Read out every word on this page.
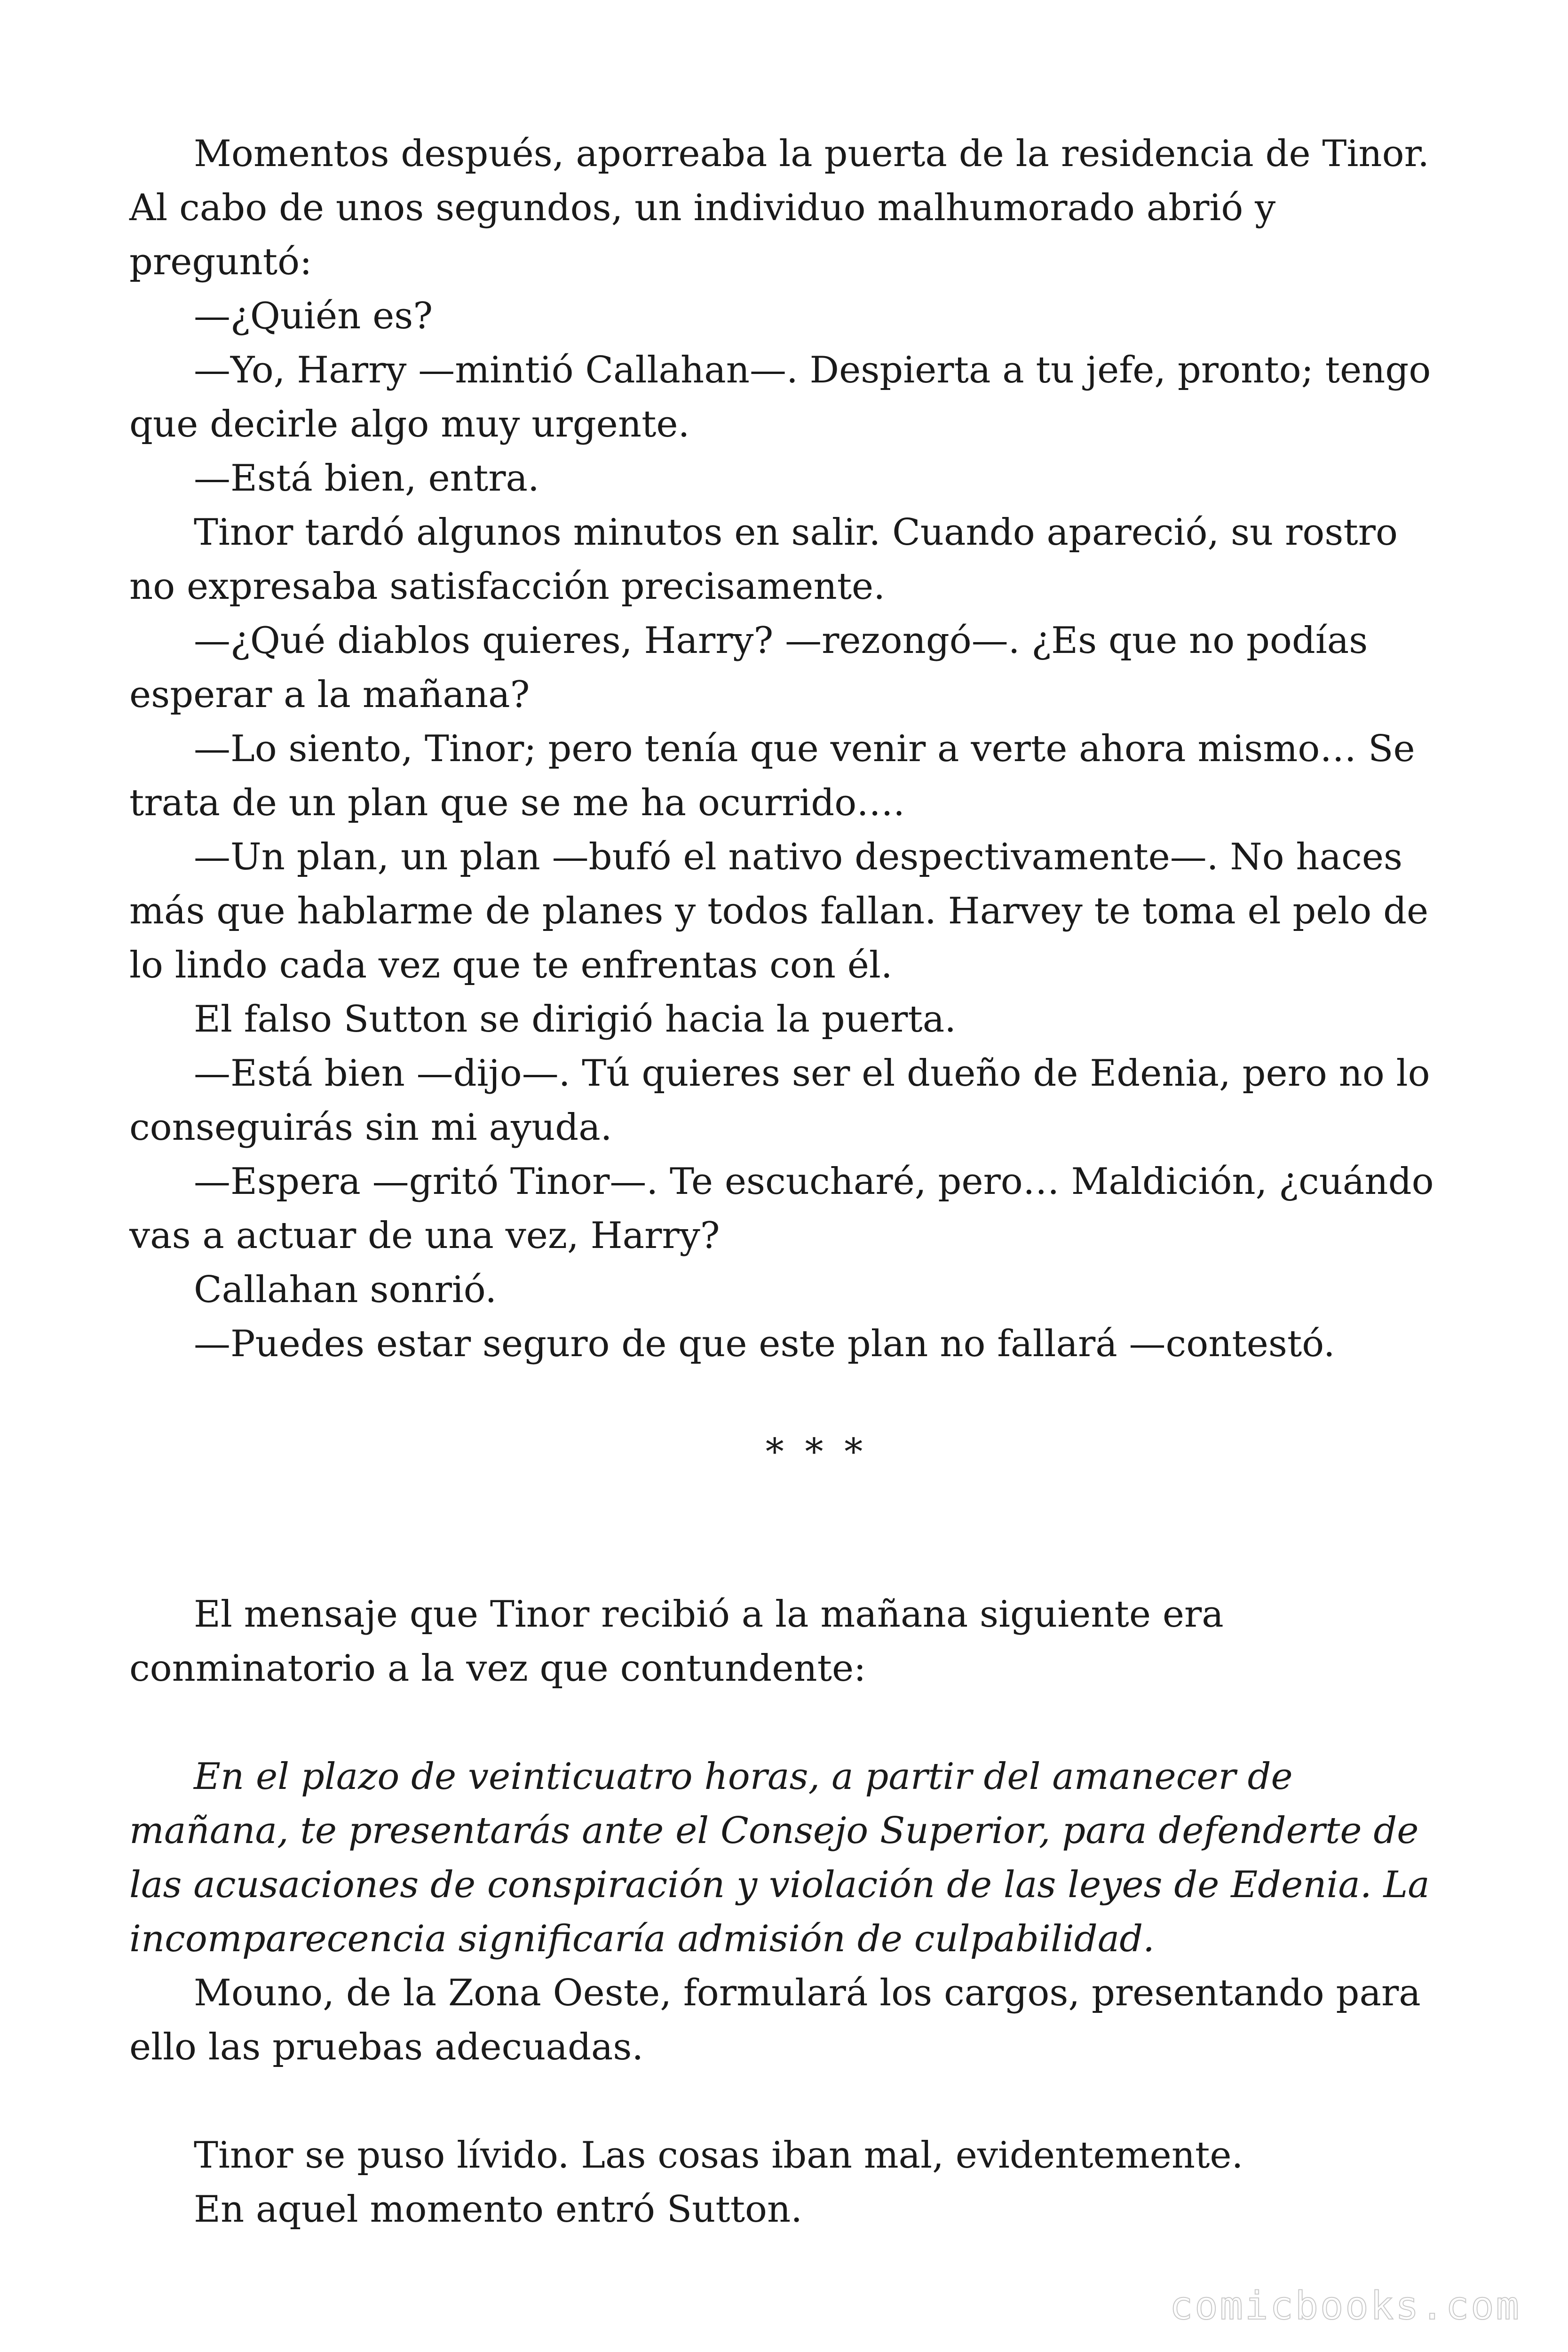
Momentos después, aporreaba la puerta de la residencia de Tinor. Al cabo de unos segundos, un individuo malhumorado abrió y preguntó:

—¿Quién es?

—Yo, Harry —mintió Callahan—. Despierta a tu jefe, pronto; tengo que decirle algo muy urgente.

—Está bien, entra.

Tinor tardó algunos minutos en salir. Cuando apareció, su rostro no expresaba satisfacción precisamente.

—¿Qué diablos quieres, Harry? —rezongó—. ¿Es que no podías esperar a la mañana?

—Lo siento, Tinor; pero tenía que venir a verte ahora mismo… Se trata de un plan que se me ha ocurrido….

—Un plan, un plan —bufó el nativo despectivamente—. No haces más que hablarme de planes y todos fallan. Harvey te toma el pelo de lo lindo cada vez que te enfrentas con él.

El falso Sutton se dirigió hacia la puerta.

—Está bien —dijo—. Tú quieres ser el dueño de Edenia, pero no lo conseguirás sin mi ayuda.

—Espera —gritó Tinor—. Te escucharé, pero… Maldición, ¿cuándo vas a actuar de una vez, Harry?

Callahan sonrió.

—Puedes estar seguro de que este plan no fallará —contestó.

* * *

El mensaje que Tinor recibió a la mañana siguiente era conminatorio a la vez que contundente:

En el plazo de veinticuatro horas, a partir del amanecer de mañana, te presentarás ante el Consejo Superior, para defenderte de las acusaciones de conspiración y violación de las leyes de Edenia. La incomparecencia significaría admisión de culpabilidad.

Mouno, de la Zona Oeste, formulará los cargos, presentando para ello las pruebas adecuadas.

Tinor se puso lívido. Las cosas iban mal, evidentemente.

En aquel momento entró Sutton.

comicbooks.com
